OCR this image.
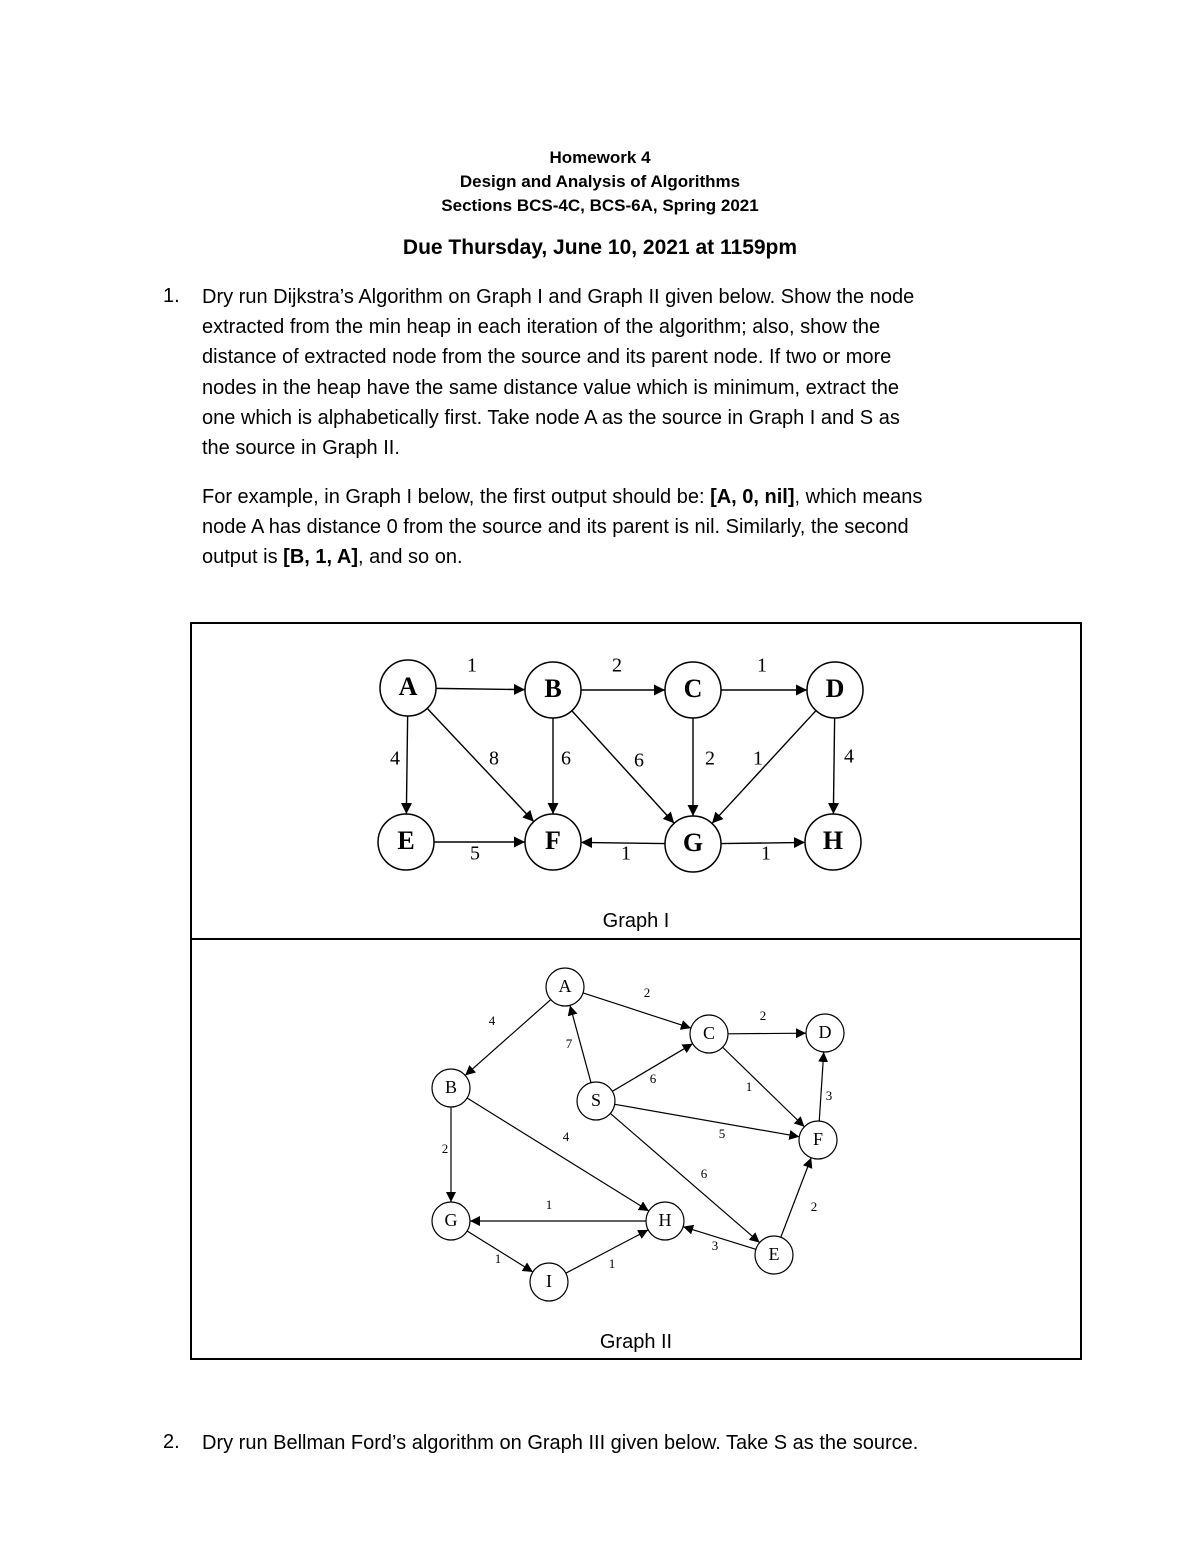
Homework 4
Design and Analysis of Algorithms
Sections BCS-4C, BCS-6A, Spring 2021
Due Thursday, June 10, 2021 at 1159pm
1. Dry run Dijkstra’s Algorithm on Graph I and Graph II given below. Show the node
extracted from the min heap in each iteration of the algorithm; also, show the
distance of extracted node from the source and its parent node. If two or more
nodes in the heap have the same distance value which is minimum, extract the
one which is alphabetically first. Take node A as the source in Graph I and S as
the source in Graph II.
For example, in Graph I below, the first output should be: [A, 0, nil], which means
node A has distance 0 from the source and its parent is nil. Similarly, the second
output is [B, 1, A], and so on.
1	2	1
4	8	6	6	2 1	4
5	1	1
A	B	C	D
E	F	G	H
Graph I
2
4	2
7
6
1
3
5
4
2
6
1	2
3
1	1
A
B
C	D
S
F
G	H
E
I
Graph II
2. Dry run Bellman Ford’s algorithm on Graph III given below. Take S as the source.
